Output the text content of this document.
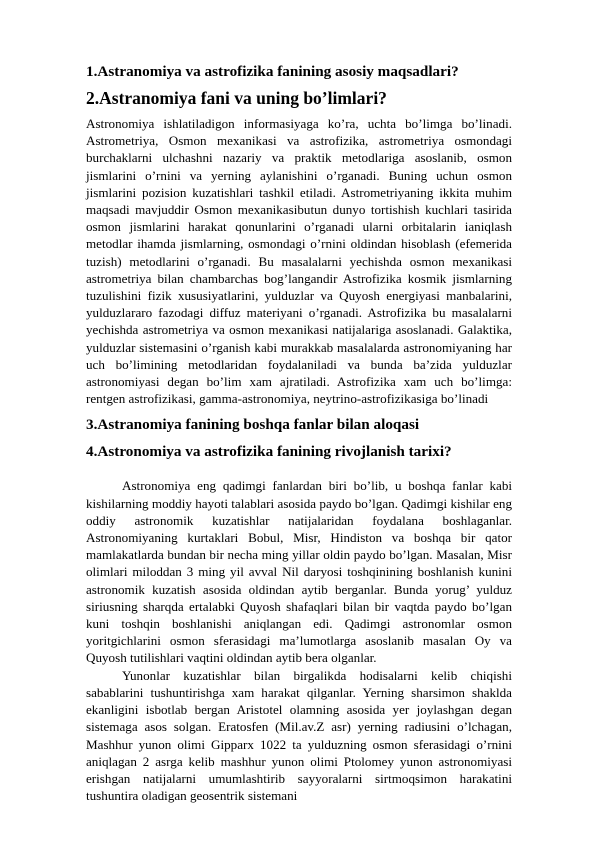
1.Astranomiya va astrofizika fanining asosiy maqsadlari?
2.Astranomiya fani va uning bo’limlari?

Astronomiya ishlatiladigon informasiyaga ko’ra, uchta bo’limga bo’linadi. Astrometriya, Osmon mexanikasi va astrofizika, astrometriya osmondagi burchaklarni ulchashni nazariy va praktik metodlariga asoslanib, osmon jismlarini o’rnini va yerning aylanishini o’rganadi. Buning uchun osmon jismlarini pozision kuzatishlari tashkil etiladi. Astrometriyaning ikkita muhim maqsadi mavjuddir Osmon mexanikasibutun dunyo tortishish kuchlari tasirida osmon jismlarini harakat qonunlarini o’rganadi ularni orbitalarin ianiqlash metodlar ihamda jismlarning, osmondagi o’rnini oldindan hisoblash (efemerida tuzish) metodlarini o’rganadi. Bu masalalarni yechishda osmon mexanikasi astrometriya bilan chambarchas bog’langandir Astrofizika kosmik jismlarning tuzulishini fizik xususiyatlarini, yulduzlar va Quyosh energiyasi manbalarini, yulduzlararo fazodagi diffuz materiyani o’rganadi. Astrofizika bu masalalarni yechishda astrometriya va osmon mexanikasi natijalariga asoslanadi. Galaktika, yulduzlar sistemasini o’rganish kabi murakkab masalalarda astronomiyaning har uch bo’limining metodlaridan foydalaniladi va bunda ba’zida yulduzlar astronomiyasi degan bo’lim xam ajratiladi. Astrofizika xam uch bo’limga: rentgen astrofizikasi, gamma-astronomiya, neytrino-astrofizikasiga bo’linadi

3.Astranomiya fanining boshqa fanlar bilan aloqasi
4.Astronomiya va astrofizika fanining rivojlanish tarixi?

Astronomiya eng qadimgi fanlardan biri bo’lib, u boshqa fanlar kabi kishilarning moddiy hayoti talablari asosida paydo bo’lgan. Qadimgi kishilar eng oddiy astronomik kuzatishlar natijalaridan foydalana boshlaganlar. Astronomiyaning kurtaklari Bobul, Misr, Hindiston va boshqa bir qator mamlakatlarda bundan bir necha ming yillar oldin paydo bo’lgan. Masalan, Misr olimlari miloddan 3 ming yil avval Nil daryosi toshqinining boshlanish kunini astronomik kuzatish asosida oldindan aytib berganlar. Bunda yorug’ yulduz siriusning sharqda ertalabki Quyosh shafaqlari bilan bir vaqtda paydo bo’lgan kuni toshqin boshlanishi aniqlangan edi. Qadimgi astronomlar osmon yoritgichlarini osmon sferasidagi ma’lumotlarga asoslanib masalan Oy va Quyosh tutilishlari vaqtini oldindan aytib bera olganlar.

Yunonlar kuzatishlar bilan birgalikda hodisalarni kelib chiqishi sabablarini tushuntirishga xam harakat qilganlar. Yerning sharsimon shaklda ekanligini isbotlab bergan Aristotel olamning asosida yer joylashgan degan sistemaga asos solgan. Eratosfen (Mil.av.Z asr) yerning radiusini o’lchagan, Mashhur yunon olimi Gipparx 1022 ta yulduzning osmon sferasidagi o’rnini aniqlagan 2 asrga kelib mashhur yunon olimi Ptolomey yunon astronomiyasi erishgan natijalarni umumlashtirib sayyoralarni sirtmoqsimon harakatini tushuntira oladigan geosentrik sistemani
